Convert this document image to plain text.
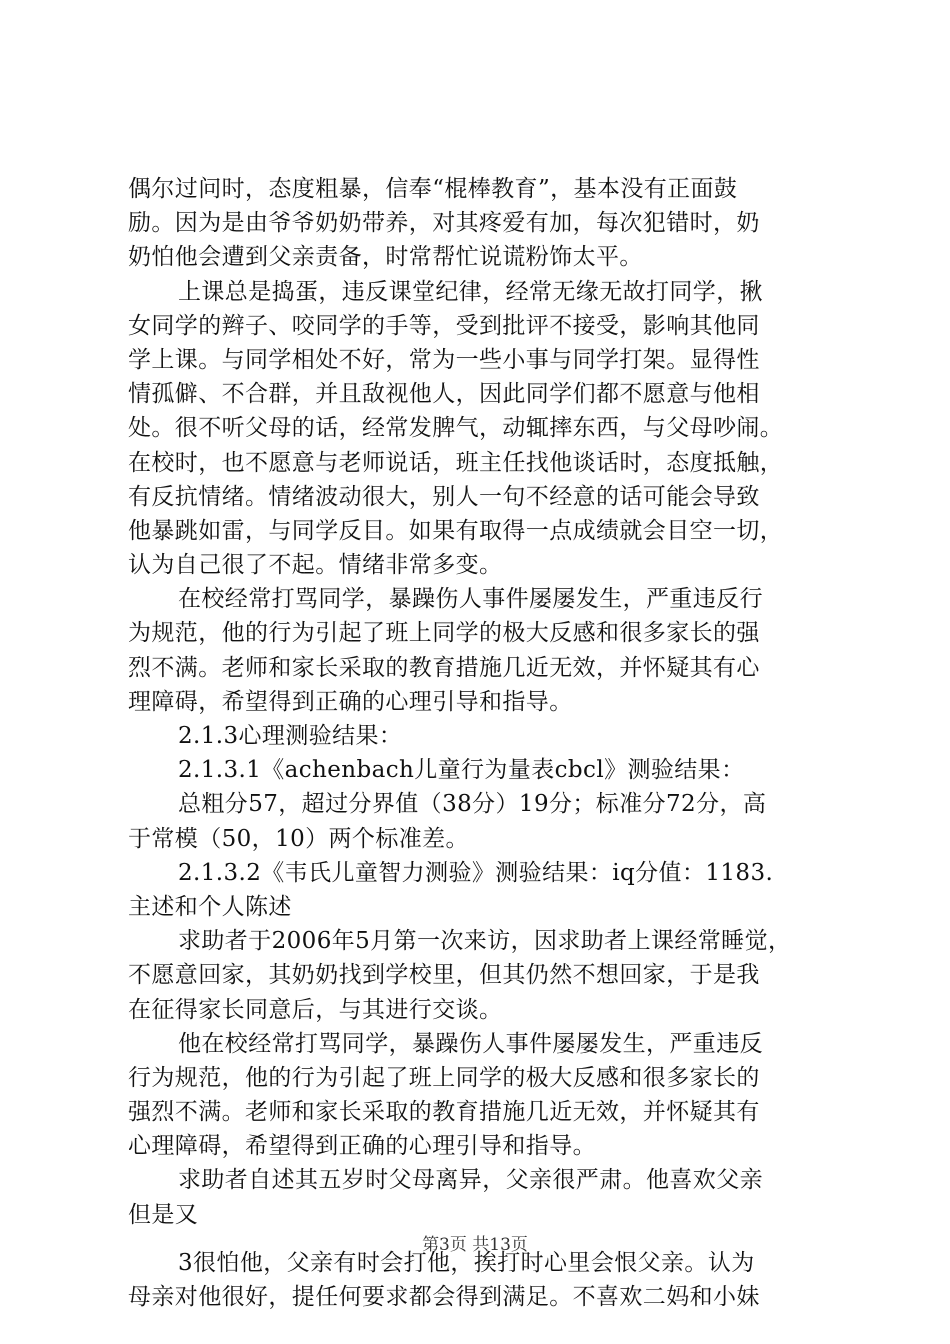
偶尔过问时，态度粗暴，信奉“棍棒教育”，基本没有正面鼓
励。因为是由爷爷奶奶带养，对其疼爱有加，每次犯错时，奶
奶怕他会遭到父亲责备，时常帮忙说谎粉饰太平。
上课总是捣蛋，违反课堂纪律，经常无缘无故打同学，揪
女同学的辫子、咬同学的手等，受到批评不接受，影响其他同
学上课。与同学相处不好，常为一些小事与同学打架。显得性
情孤僻、不合群，并且敌视他人，因此同学们都不愿意与他相
处。很不听父母的话，经常发脾气，动辄摔东西，与父母吵闹。
在校时，也不愿意与老师说话，班主任找他谈话时，态度抵触，
有反抗情绪。情绪波动很大，别人一句不经意的话可能会导致
他暴跳如雷，与同学反目。如果有取得一点成绩就会目空一切，
认为自己很了不起。情绪非常多变。
在校经常打骂同学，暴躁伤人事件屡屡发生，严重违反行
为规范，他的行为引起了班上同学的极大反感和很多家长的强
烈不满。老师和家长采取的教育措施几近无效，并怀疑其有心
理障碍，希望得到正确的心理引导和指导。
2.1.3心理测验结果：
2.1.3.1《achenbach儿童行为量表cbcl》测验结果：
总粗分57，超过分界值（38分）19分；标准分72分，高
于常模（50，10）两个标准差。
2.1.3.2《韦氏儿童智力测验》测验结果：iq分值：1183.
主述和个人陈述
求助者于2006年5月第一次来访，因求助者上课经常睡觉，
不愿意回家，其奶奶找到学校里，但其仍然不想回家，于是我
在征得家长同意后，与其进行交谈。
他在校经常打骂同学，暴躁伤人事件屡屡发生，严重违反
行为规范，他的行为引起了班上同学的极大反感和很多家长的
强烈不满。老师和家长采取的教育措施几近无效，并怀疑其有
心理障碍，希望得到正确的心理引导和指导。
求助者自述其五岁时父母离异，父亲很严肃。他喜欢父亲
但是又
3很怕他，父亲有时会打他，挨打时心里会恨父亲。认为
母亲对他很好，提任何要求都会得到满足。不喜欢二妈和小妹
第3页 共13页
